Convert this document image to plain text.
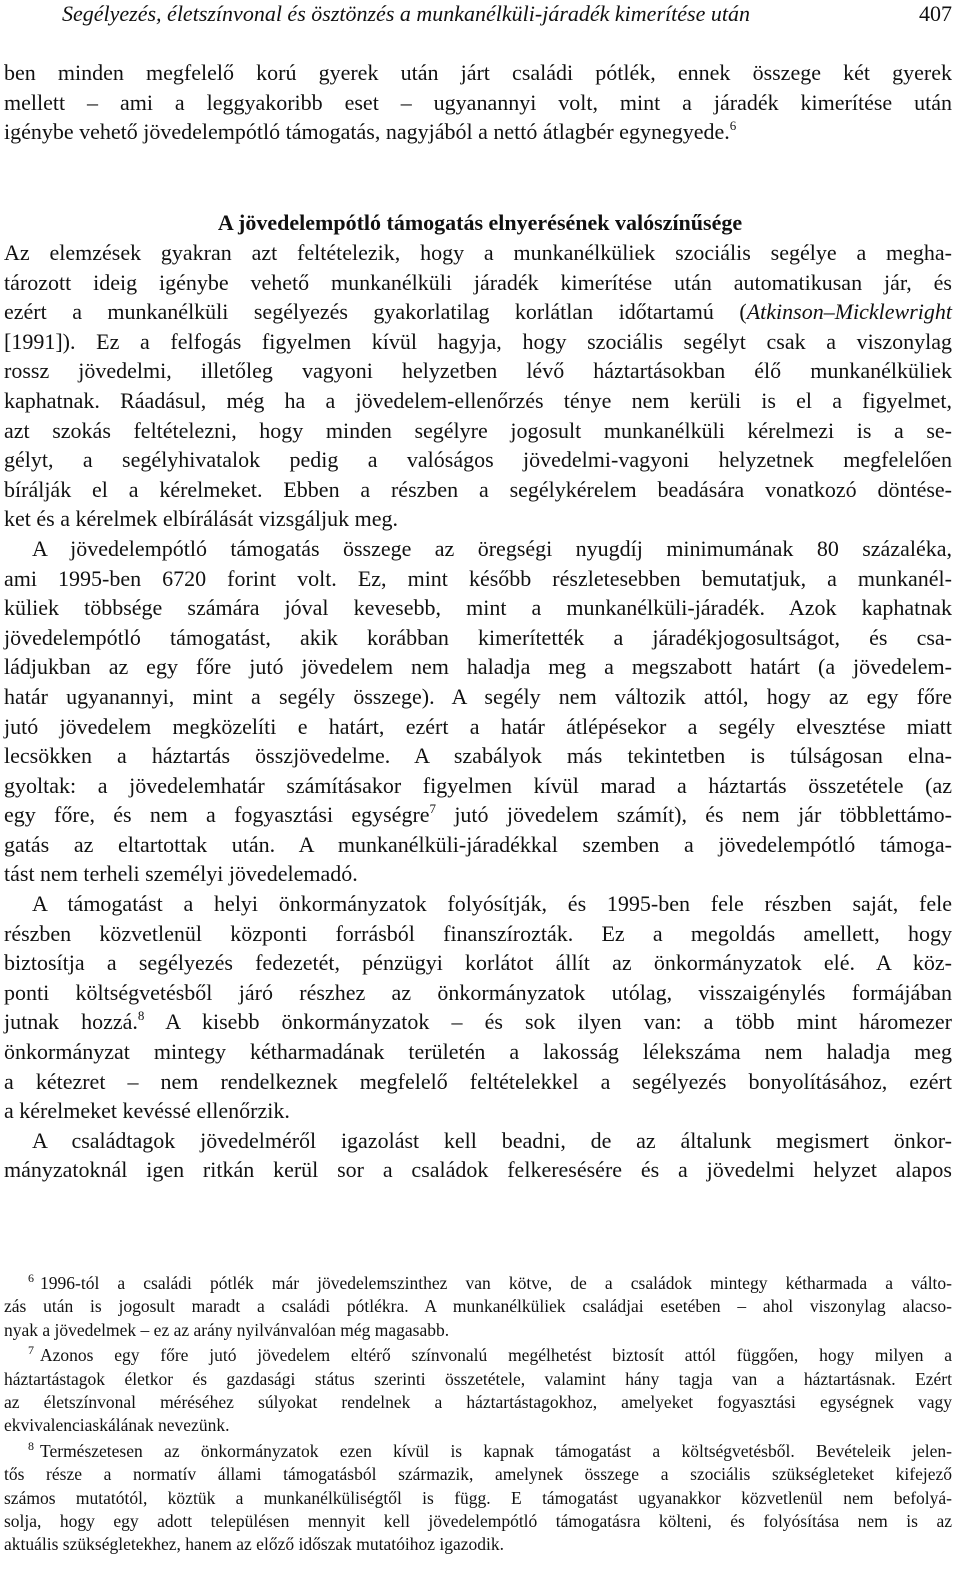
Segélyezés, életszínvonal és ösztönzés a munkanélküli-járadék kimerítése után	407

ben minden megfelelő korú gyerek után járt családi pótlék, ennek összege két gyerek
mellett – ami a leggyakoribb eset – ugyanannyi volt, mint a járadék kimerítése után
igénybe vehető jövedelempótló támogatás, nagyjából a nettó átlagbér egynegyede.$^6$

A jövedelempótló támogatás elnyerésének valószínűsége

Az elemzések gyakran azt feltételezik, hogy a munkanélküliek szociális segélye a megha-
tározott ideig igénybe vehető munkanélküli járadék kimerítése után automatikusan jár, és
ezért a munkanélküli segélyezés gyakorlatilag korlátlan időtartamú (Atkinson–Micklewright
[1991]). Ez a felfogás figyelmen kívül hagyja, hogy szociális segélyt csak a viszonylag
rossz jövedelmi, illetőleg vagyoni helyzetben lévő háztartásokban élő munkanélküliek
kaphatnak. Ráadásul, még ha a jövedelem-ellenőrzés ténye nem kerüli is el a figyelmet,
azt szokás feltételezni, hogy minden segélyre jogosult munkanélküli kérelmezi is a se-
gélyt, a segélyhivatalok pedig a valóságos jövedelmi-vagyoni helyzetnek megfelelően
bírálják el a kérelmeket. Ebben a részben a segélykérelem beadására vonatkozó döntése-
ket és a kérelmek elbírálását vizsgáljuk meg.

A jövedelempótló támogatás összege az öregségi nyugdíj minimumának 80 százaléka,
ami 1995-ben 6720 forint volt. Ez, mint később részletesebben bemutatjuk, a munkanél-
küliek többsége számára jóval kevesebb, mint a munkanélküli-járadék. Azok kaphatnak
jövedelempótló támogatást, akik korábban kimerítették a járadékjogosultságot, és csa-
ládjukban az egy főre jutó jövedelem nem haladja meg a megszabott határt (a jövedelem-
határ ugyanannyi, mint a segély összege). A segély nem változik attól, hogy az egy főre
jutó jövedelem megközelíti e határt, ezért a határ átlépésekor a segély elvesztése miatt
lecsökken a háztartás összjövedelme. A szabályok más tekintetben is túlságosan elna-
gyoltak: a jövedelemhatár számításakor figyelmen kívül marad a háztartás összetétele (az
egy főre, és nem a fogyasztási egységre$^7$ jutó jövedelem számít), és nem jár többlettámo-
gatás az eltartottak után. A munkanélküli-járadékkal szemben a jövedelempótló támoga-
tást nem terheli személyi jövedelemadó.

A támogatást a helyi önkormányzatok folyósítják, és 1995-ben fele részben saját, fele
részben közvetlenül központi forrásból finanszírozták. Ez a megoldás amellett, hogy
biztosítja a segélyezés fedezetét, pénzügyi korlátot állít az önkormányzatok elé. A köz-
ponti költségvetésből járó részhez az önkormányzatok utólag, visszaigénylés formájában
jutnak hozzá.$^8$ A kisebb önkormányzatok – és sok ilyen van: a több mint háromezer
önkormányzat mintegy kétharmadának területén a lakosság lélekszáma nem haladja meg
a kétezret – nem rendelkeznek megfelelő feltételekkel a segélyezés bonyolításához, ezért
a kérelmeket kevéssé ellenőrzik.

A családtagok jövedelméről igazolást kell beadni, de az általunk megismert önkor-
mányzatoknál igen ritkán kerül sor a családok felkeresésére és a jövedelmi helyzet alapos

$^6$ 1996-tól a családi pótlék már jövedelemszinthez van kötve, de a családok mintegy kétharmada a válto-
zás után is jogosult maradt a családi pótlékra. A munkanélküliek családjai esetében – ahol viszonylag alacso-
nyak a jövedelmek – ez az arány nyilvánvalóan még magasabb.

$^7$ Azonos egy főre jutó jövedelem eltérő színvonalú megélhetést biztosít attól függően, hogy milyen a
háztartástagok életkor és gazdasági státus szerinti összetétele, valamint hány tagja van a háztartásnak. Ezért
az életszínvonal méréséhez súlyokat rendelnek a háztartástagokhoz, amelyeket fogyasztási egységnek vagy
ekvivalenciaskálának nevezünk.

$^8$ Természetesen az önkormányzatok ezen kívül is kapnak támogatást a költségvetésből. Bevételeik jelen-
tős része a normatív állami támogatásból származik, amelynek összege a szociális szükségleteket kifejező
számos mutatótól, köztük a munkanélküliségtől is függ. E támogatást ugyanakkor közvetlenül nem befolyá-
solja, hogy egy adott településen mennyit kell jövedelempótló támogatásra költeni, és folyósítása nem is az
aktuális szükségletekhez, hanem az előző időszak mutatóihoz igazodik.
